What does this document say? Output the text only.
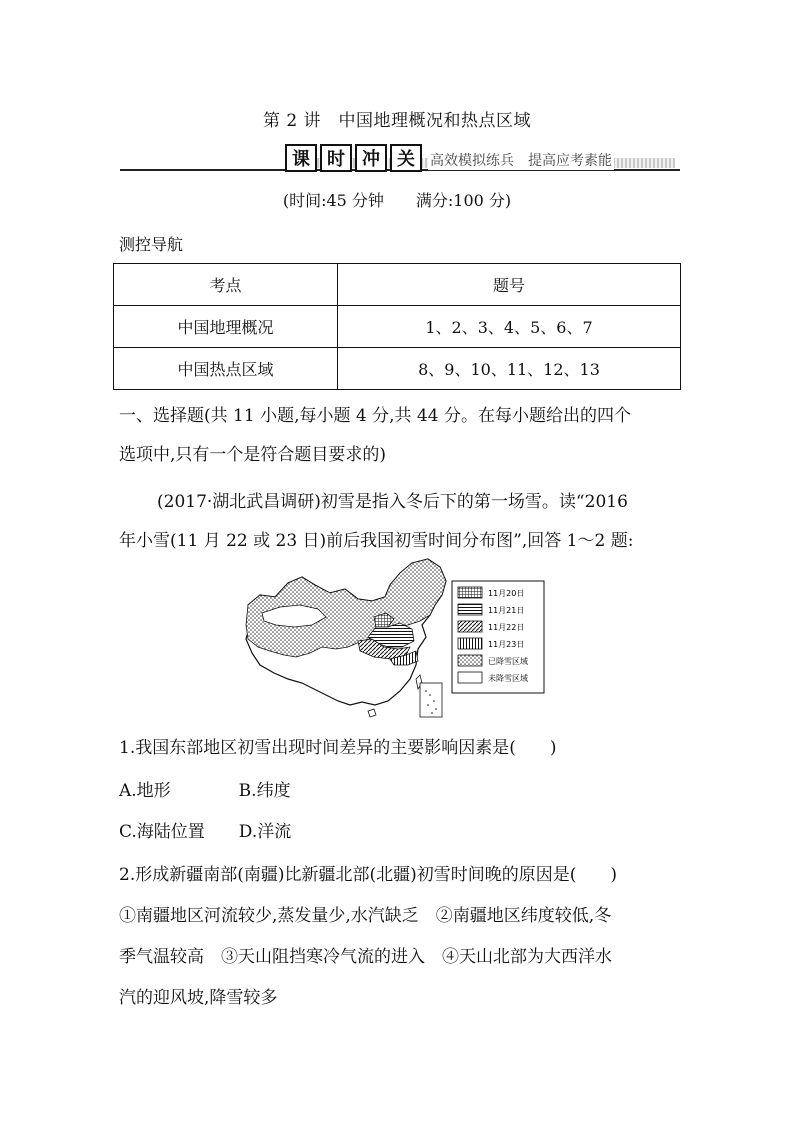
第 2 讲　中国地理概况和热点区域
课 时 冲 关	高效模拟练兵　提高应考素能
(时间:45 分钟　　满分:100 分)
测控导航
考点	题号
中国地理概况	1、2、3、4、5、6、7
中国热点区域	8、9、10、11、12、13
一、选择题(共 11 小题,每小题 4 分,共 44 分。在每小题给出的四个
选项中,只有一个是符合题目要求的)
(2017·湖北武昌调研)初雪是指入冬后下的第一场雪。读“2016
年小雪(11 月 22 或 23 日)前后我国初雪时间分布图”,回答 1～2 题:
11月20日
11月21日
11月22日
11月23日
已降雪区域
未降雪区域
1.我国东部地区初雪出现时间差异的主要影响因素是(　　)
A.地形　　　　B.纬度
C.海陆位置　　D.洋流
2.形成新疆南部(南疆)比新疆北部(北疆)初雪时间晚的原因是(　　)
①南疆地区河流较少,蒸发量少,水汽缺乏　②南疆地区纬度较低,冬
季气温较高　③天山阻挡寒冷气流的进入　④天山北部为大西洋水
汽的迎风坡,降雪较多
